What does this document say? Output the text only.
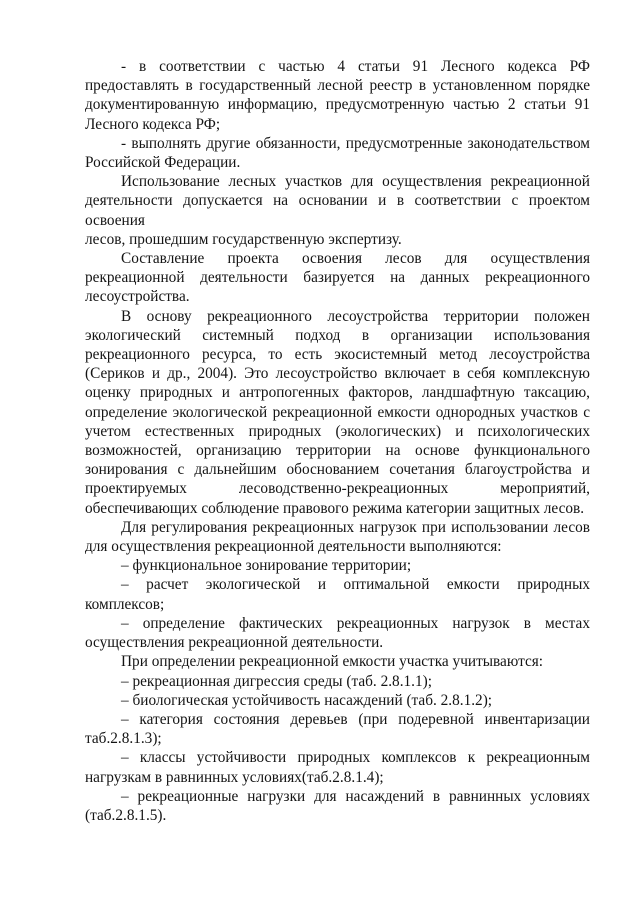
- в соответствии с частью 4 статьи 91 Лесного кодекса РФ
предоставлять в государственный лесной реестр в установленном порядке
документированную информацию, предусмотренную частью 2 статьи 91
Лесного кодекса РФ;

- выполнять другие обязанности, предусмотренные законодательством
Российской Федерации.

Использование лесных участков для осуществления рекреационной
деятельности допускается на основании и в соответствии с проектом освоения
лесов, прошедшим государственную экспертизу.

Составление проекта освоения лесов для осуществления
рекреационной деятельности базируется на данных рекреационного
лесоустройства.

В основу рекреационного лесоустройства территории положен
экологический системный подход в организации использования
рекреационного ресурса, то есть экосистемный метод лесоустройства
(Сериков и др., 2004). Это лесоустройство включает в себя комплексную
оценку природных и антропогенных факторов, ландшафтную таксацию,
определение экологической рекреационной емкости однородных участков с
учетом естественных природных (экологических) и психологических
возможностей, организацию территории на основе функционального
зонирования с дальнейшим обоснованием сочетания благоустройства и
проектируемых лесоводственно-рекреационных мероприятий,
обеспечивающих соблюдение правового режима категории защитных лесов.

Для регулирования рекреационных нагрузок при использовании лесов
для осуществления рекреационной деятельности выполняются:

– функциональное зонирование территории;

– расчет экологической и оптимальной емкости природных комплексов;

– определение фактических рекреационных нагрузок в местах
осуществления рекреационной деятельности.

При определении рекреационной емкости участка учитываются:

– рекреационная дигрессия среды (таб. 2.8.1.1);

– биологическая устойчивость насаждений (таб. 2.8.1.2);

– категория состояния деревьев (при подеревной инвентаризации
таб.2.8.1.3);

– классы устойчивости природных комплексов к рекреационным
нагрузкам в равнинных условиях(таб.2.8.1.4);

– рекреационные нагрузки для насаждений в равнинных условиях
(таб.2.8.1.5).
